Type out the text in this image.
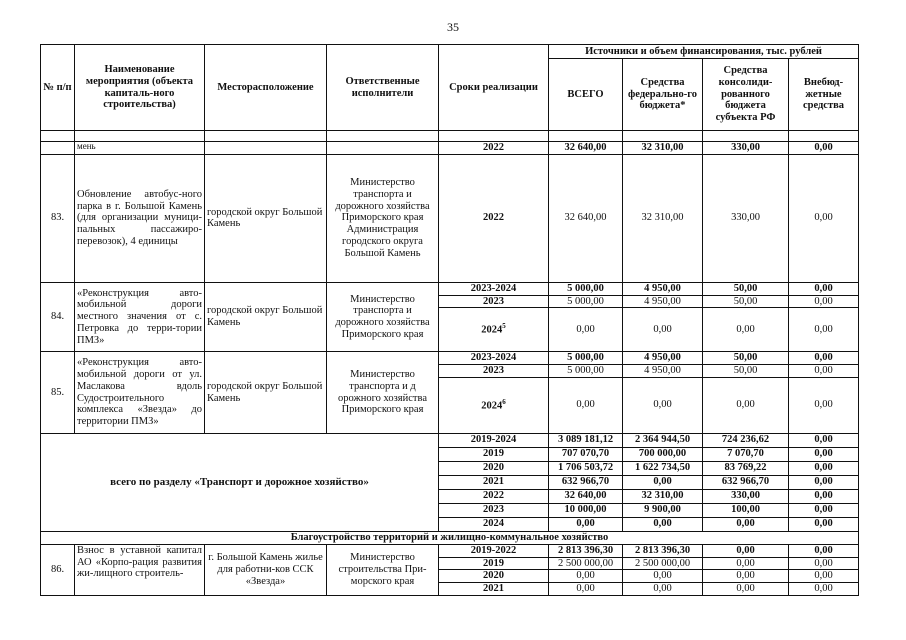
35
№ п/п	Наименование мероприятия (объекта капиталь-ного строительства)	Месторасположение	Ответственные исполнители	Сроки реализации	Источники и объем финансирования, тыс. рублей			
					ВСЕГО	Средства федерально-го бюджета*	Средства консолиди-рованного бюджета субъекта РФ	Внебюд-жетные средства

	мень			2022	32 640,00	32 310,00	330,00	0,00
83.	Обновление автобус-ного парка в г. Большой Камень (для организации муници-пальных пассажиро-перевозок), 4 единицы	городской округ Большой Камень	Министерство транспорта и дорожного хозяйства Приморского края Администрация городского округа Большой Камень	2022	32 640,00	32 310,00	330,00	0,00
84.	«Реконструкция авто-мобильной дороги местного значения от с. Петровка до терри-тории ПМЗ»	городской округ Большой Камень	Министерство транспорта и дорожного хозяйства Приморского края	2023-2024	5 000,00	4 950,00	50,00	0,00
				2023	5 000,00	4 950,00	50,00	0,00
				2024$^5$	0,00	0,00	0,00	0,00
85.	«Реконструкция авто-мобильной дороги от ул. Маслакова вдоль Судостроительного комплекса «Звезда» до территории ПМЗ»	городской округ Большой Камень	Министерство транспорта и д орожного хозяйства Приморского края	2023-2024	5 000,00	4 950,00	50,00	0,00
				2023	5 000,00	4 950,00	50,00	0,00
				2024$^6$	0,00	0,00	0,00	0,00
всего по разделу «Транспорт и дорожное хозяйство»				2019-2024	3 089 181,12	2 364 944,50	724 236,62	0,00
				2019	707 070,70	700 000,00	7 070,70	0,00
				2020	1 706 503,72	1 622 734,50	83 769,22	0,00
				2021	632 966,70	0,00	632 966,70	0,00
				2022	32 640,00	32 310,00	330,00	0,00
				2023	10 000,00	9 900,00	100,00	0,00
				2024	0,00	0,00	0,00	0,00
Благоустройство территорий и жилищно-коммунальное хозяйство								
86.	Взнос в уставной капитал АО «Корпо-рация развития жи-лищного строитель-	г. Большой Камень жилье для работни-ков ССК «Звезда»	Министерство строительства При-морского края	2019-2022	2 813 396,30	2 813 396,30	0,00	0,00
				2019	2 500 000,00	2 500 000,00	0,00	0,00
				2020	0,00	0,00	0,00	0,00
				2021	0,00	0,00	0,00	0,00
